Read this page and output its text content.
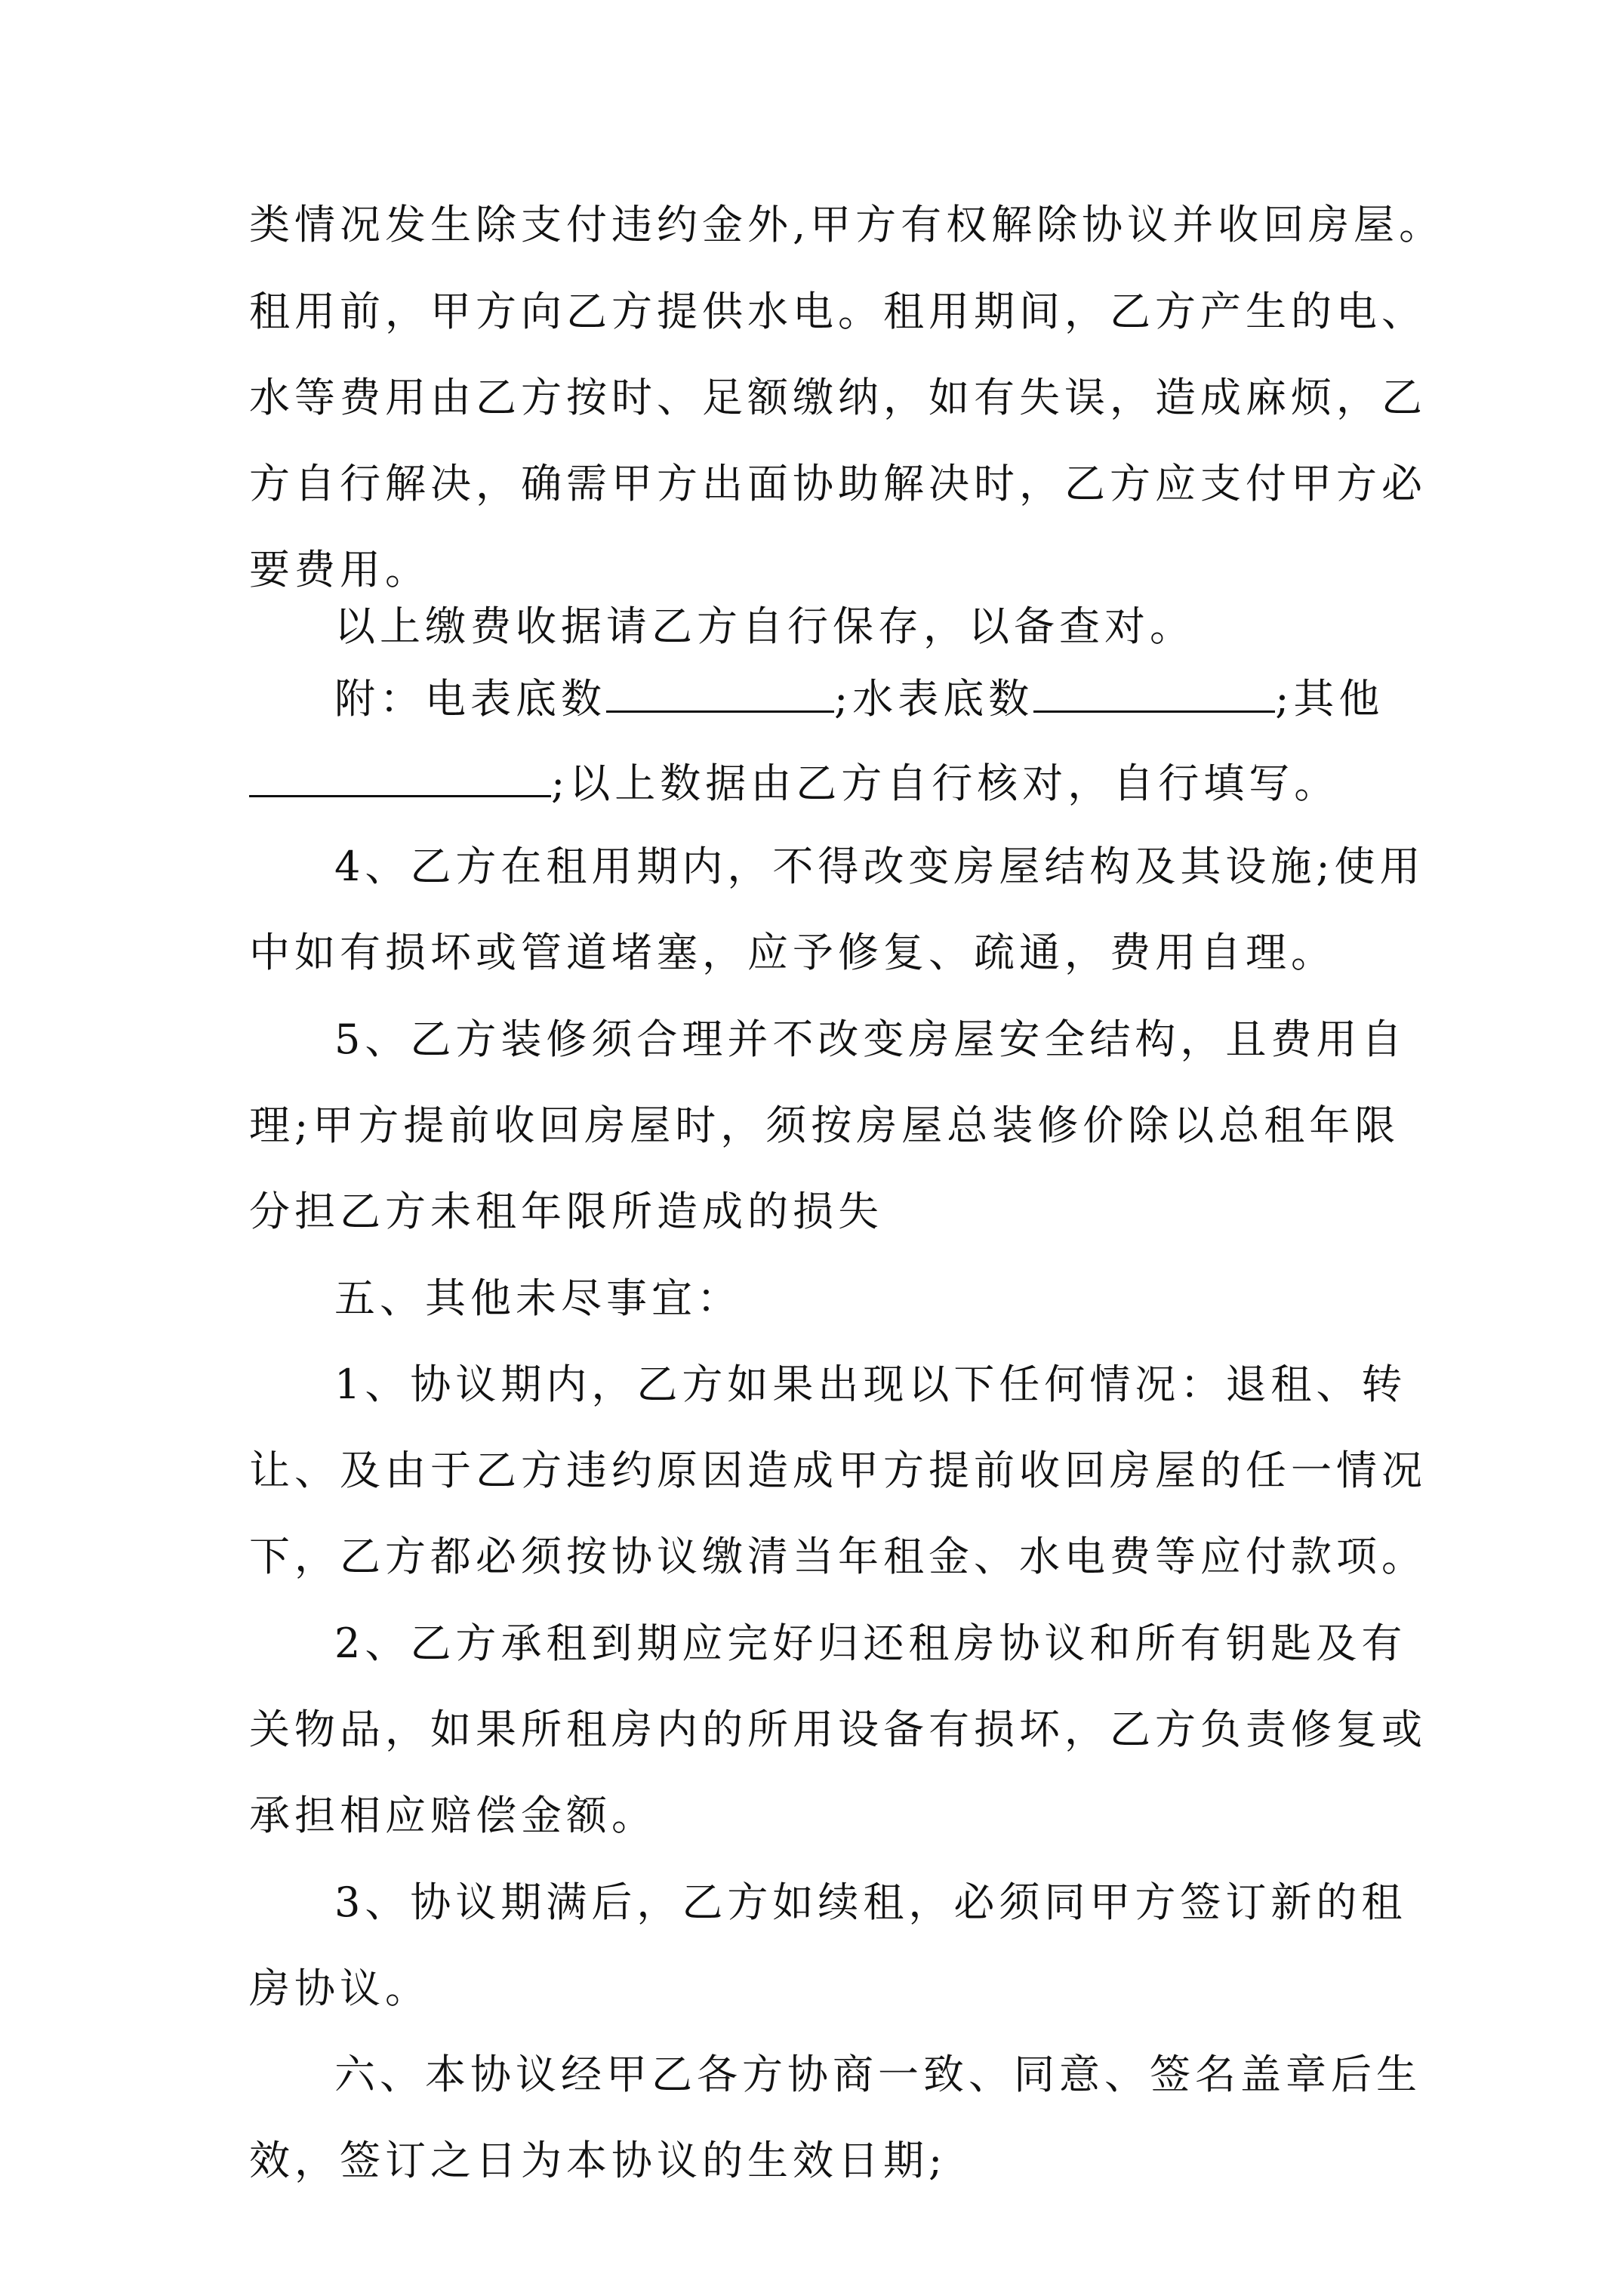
类情况发生除支付违约金外,甲方有权解除协议并收回房屋。
租用前，甲方向乙方提供水电。租用期间，乙方产生的电、
水等费用由乙方按时、足额缴纳，如有失误，造成麻烦，乙
方自行解决，确需甲方出面协助解决时，乙方应支付甲方必
要费用。
以上缴费收据请乙方自行保存，以备查对。
附：电表底数	;水表底数	;其他
;以上数据由乙方自行核对，自行填写。
4、乙方在租用期内，不得改变房屋结构及其设施;使用
中如有损坏或管道堵塞，应予修复、疏通，费用自理。
5、乙方装修须合理并不改变房屋安全结构，且费用自
理;甲方提前收回房屋时，须按房屋总装修价除以总租年限
分担乙方未租年限所造成的损失
五、其他未尽事宜：
1、协议期内，乙方如果出现以下任何情况：退租、转
让、及由于乙方违约原因造成甲方提前收回房屋的任一情况
下，乙方都必须按协议缴清当年租金、水电费等应付款项。
2、乙方承租到期应完好归还租房协议和所有钥匙及有
关物品，如果所租房内的所用设备有损坏，乙方负责修复或
承担相应赔偿金额。
3、协议期满后，乙方如续租，必须同甲方签订新的租
房协议。
六、本协议经甲乙各方协商一致、同意、签名盖章后生
效，签订之日为本协议的生效日期;
